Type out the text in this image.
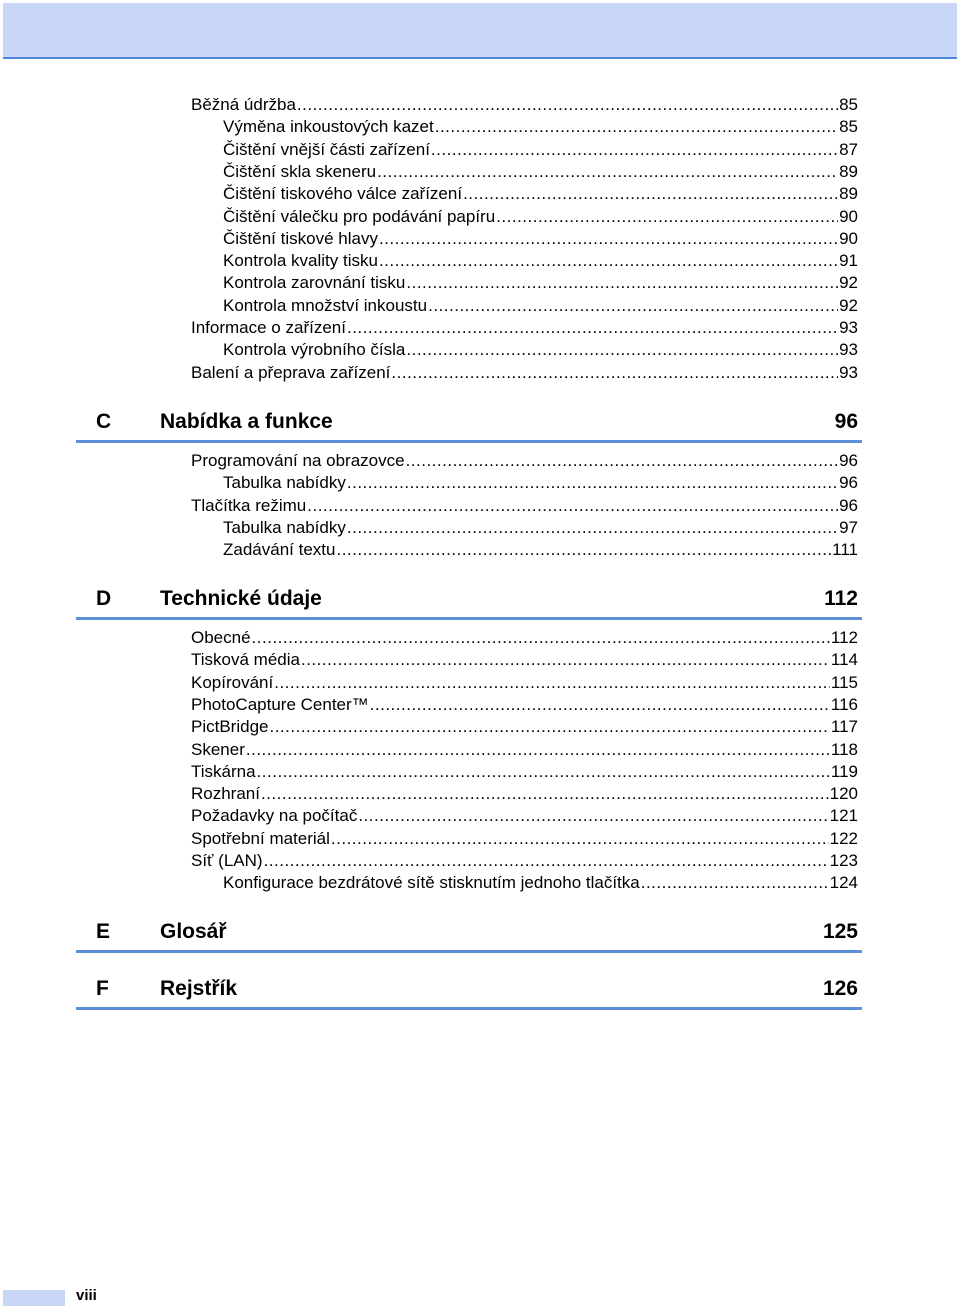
Běžná údržba .....	85
Výměna inkoustových kazet .....	85
Čištění vnější části zařízení .....	87
Čištění skla skeneru .....	89
Čištění tiskového válce zařízení .....	89
Čištění válečku pro podávání papíru .....	90
Čištění tiskové hlavy .....	90
Kontrola kvality tisku .....	91
Kontrola zarovnání tisku .....	92
Kontrola množství inkoustu .....	92
Informace o zařízení .....	93
Kontrola výrobního čísla .....	93
Balení a přeprava zařízení .....	93
C Nabídka a funkce	96
Programování na obrazovce .....	96
Tabulka nabídky .....	96
Tlačítka režimu .....	96
Tabulka nabídky .....	97
Zadávání textu .....	111
D Technické údaje	112
Obecné .....	112
Tisková média .....	114
Kopírování .....	115
PhotoCapture Center™ .....	116
PictBridge .....	117
Skener .....	118
Tiskárna .....	119
Rozhraní .....	120
Požadavky na počítač .....	121
Spotřební materiál .....	122
Síť (LAN) .....	123
Konfigurace bezdrátové sítě stisknutím jednoho tlačítka .....	124
E Glosář	125
F Rejstřík	126
viii
